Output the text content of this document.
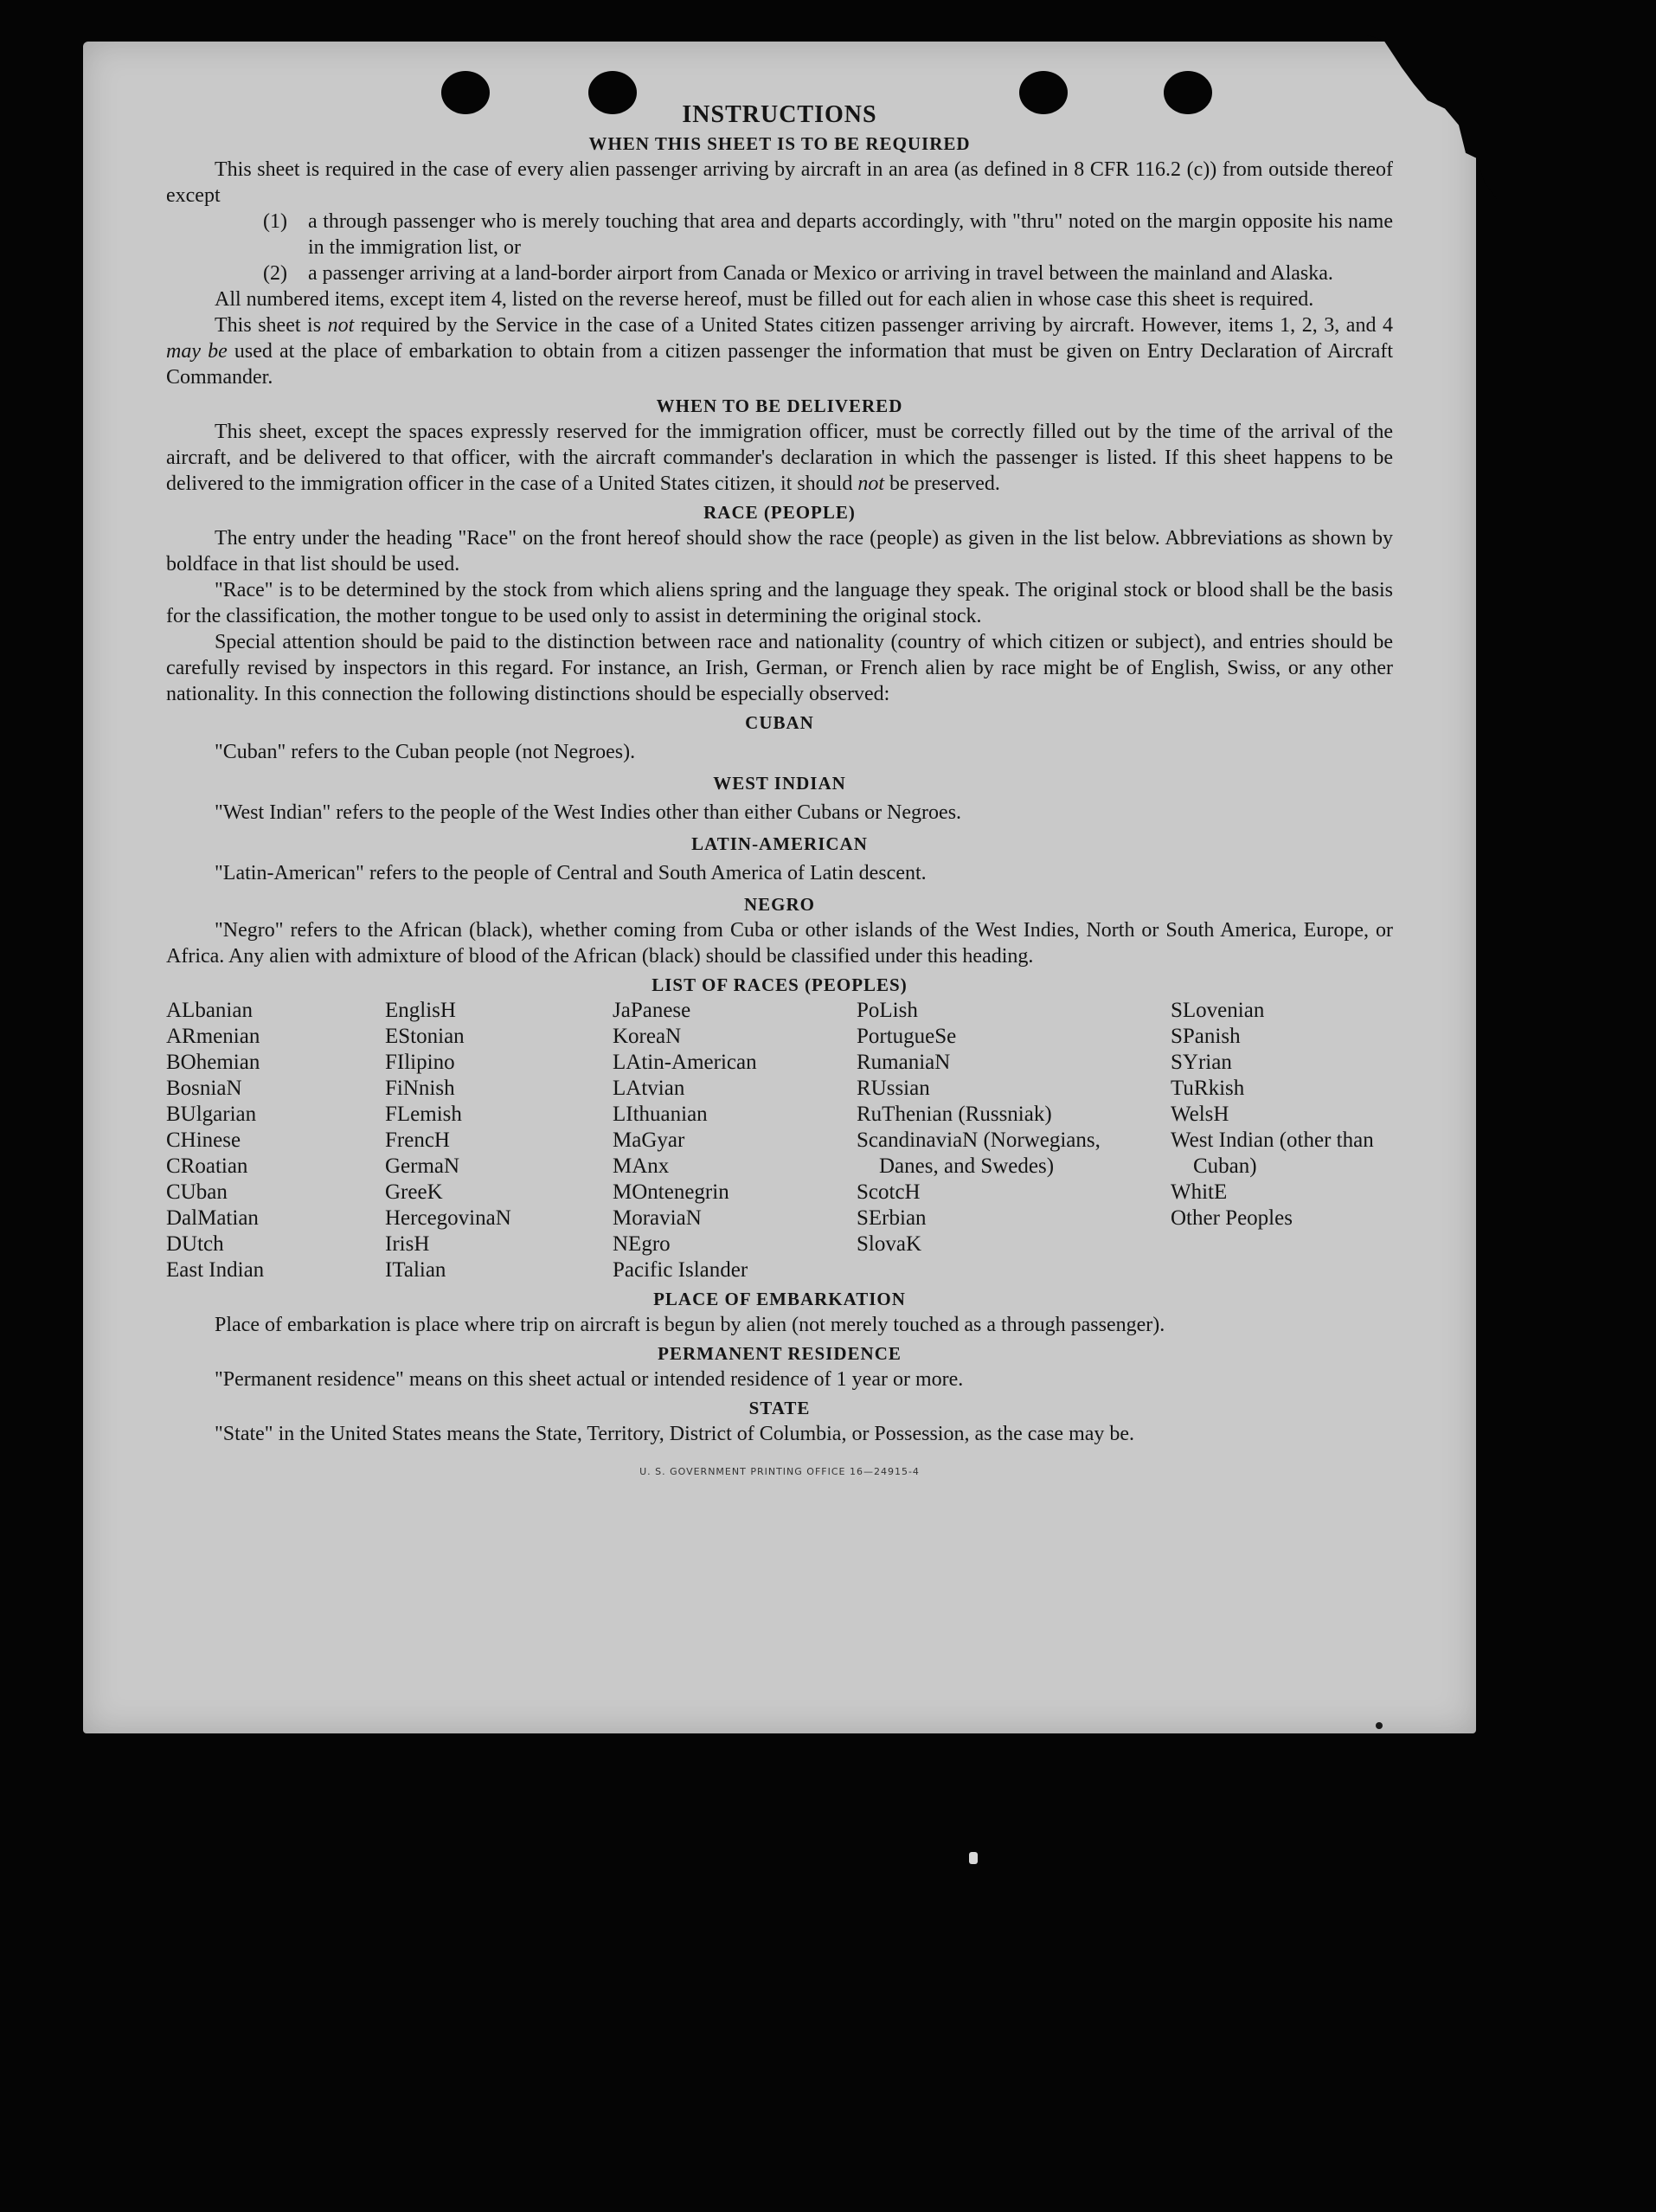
INSTRUCTIONS
WHEN THIS SHEET IS TO BE REQUIRED

This sheet is required in the case of every alien passenger arriving by aircraft in an area (as defined in 8 CFR 116.2 (c)) from outside thereof except

(1)	a through passenger who is merely touching that area and departs accordingly, with "thru" noted on the margin opposite his name in the immigration list, or
(2)	a passenger arriving at a land-border airport from Canada or Mexico or arriving in travel between the mainland and Alaska.

All numbered items, except item 4, listed on the reverse hereof, must be filled out for each alien in whose case this sheet is required.

This sheet is not required by the Service in the case of a United States citizen passenger arriving by aircraft. However, items 1, 2, 3, and 4 may be used at the place of embarkation to obtain from a citizen passenger the information that must be given on Entry Declaration of Aircraft Commander.

WHEN TO BE DELIVERED

This sheet, except the spaces expressly reserved for the immigration officer, must be correctly filled out by the time of the arrival of the aircraft, and be delivered to that officer, with the aircraft commander's declaration in which the passenger is listed. If this sheet happens to be delivered to the immigration officer in the case of a United States citizen, it should not be preserved.

RACE (PEOPLE)

The entry under the heading "Race" on the front hereof should show the race (people) as given in the list below. Abbreviations as shown by boldface in that list should be used.

"Race" is to be determined by the stock from which aliens spring and the language they speak. The original stock or blood shall be the basis for the classification, the mother tongue to be used only to assist in determining the original stock.

Special attention should be paid to the distinction between race and nationality (country of which citizen or subject), and entries should be carefully revised by inspectors in this regard. For instance, an Irish, German, or French alien by race might be of English, Swiss, or any other nationality. In this connection the following distinctions should be especially observed:

CUBAN

"Cuban" refers to the Cuban people (not Negroes).

WEST INDIAN

"West Indian" refers to the people of the West Indies other than either Cubans or Negroes.

LATIN-AMERICAN

"Latin-American" refers to the people of Central and South America of Latin descent.

NEGRO

"Negro" refers to the African (black), whether coming from Cuba or other islands of the West Indies, North or South America, Europe, or Africa. Any alien with admixture of blood of the African (black) should be classified under this heading.

LIST OF RACES (PEOPLES)
ALbanian
ARmenian
BOhemian
BosniaN
BUlgarian
CHinese
CRoatian
CUban
DalMatian
DUtch
East Indian
EnglisH
EStonian
FIlipino
FiNnish
FLemish
FrencH
GermaN
GreeK
HercegovinaN
IrisH
ITalian
JaPanese
KoreaN
LAtin-American
LAtvian
LIthuanian
MaGyar
MAnx
MOntenegrin
MoraviaN
NEgro
Pacific Islander
PoLish
PortugueSe
RumaniaN
RUssian
RuThenian (Russniak)
ScandinaviaN (Norwegians, Danes, and Swedes)
ScotcH
SErbian
SlovaK
SLovenian
SPanish
SYrian
TuRkish
WelsH
West Indian (other than Cuban)
WhitE
Other Peoples
PLACE OF EMBARKATION

Place of embarkation is place where trip on aircraft is begun by alien (not merely touched as a through passenger).

PERMANENT RESIDENCE

"Permanent residence" means on this sheet actual or intended residence of 1 year or more.

STATE

"State" in the United States means the State, Territory, District of Columbia, or Possession, as the case may be.

U. S. GOVERNMENT PRINTING OFFICE 16—24915-4
